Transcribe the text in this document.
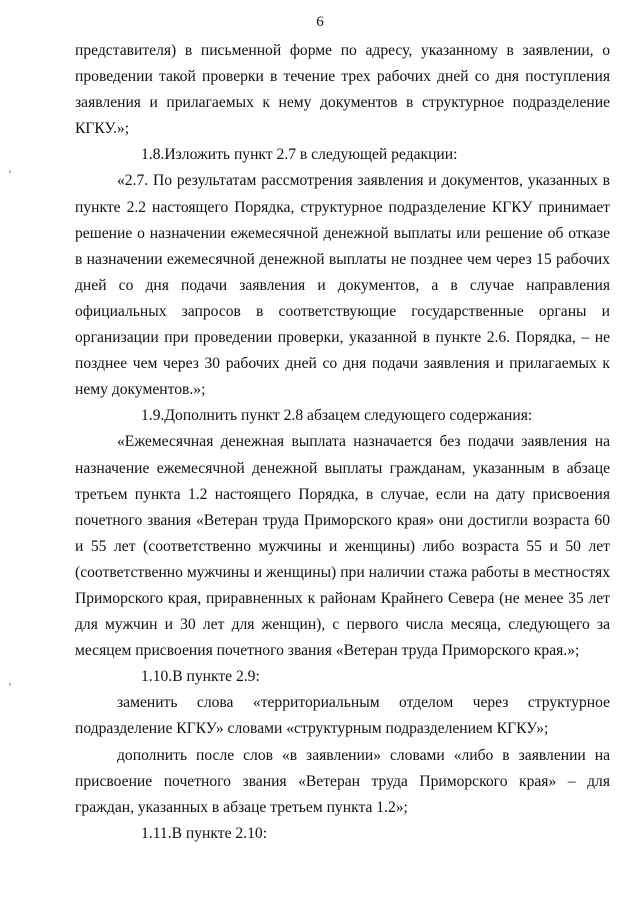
6

представителя) в письменной форме по адресу, указанному в заявлении, о проведении такой проверки в течение трех рабочих дней со дня поступления заявления и прилагаемых к нему документов в структурное подразделение КГКУ.»;

1.8.Изложить пункт 2.7 в следующей редакции:

«2.7. По результатам рассмотрения заявления и документов, указанных в пункте 2.2 настоящего Порядка, структурное подразделение КГКУ принимает решение о назначении ежемесячной денежной выплаты или решение об отказе в назначении ежемесячной денежной выплаты не позднее чем через 15 рабочих дней со дня подачи заявления и документов, а в случае направления официальных запросов в соответствующие государственные органы и организации при проведении проверки, указанной в пункте 2.6. Порядка, – не позднее чем через 30 рабочих дней со дня подачи заявления и прилагаемых к нему документов.»;

1.9.Дополнить пункт 2.8 абзацем следующего содержания:

«Ежемесячная денежная выплата назначается без подачи заявления на назначение ежемесячной денежной выплаты гражданам, указанным в абзаце третьем пункта 1.2 настоящего Порядка, в случае, если на дату присвоения почетного звания «Ветеран труда Приморского края» они достигли возраста 60 и 55 лет (соответственно мужчины и женщины) либо возраста 55 и 50 лет (соответственно мужчины и женщины) при наличии стажа работы в местностях Приморского края, приравненных к районам Крайнего Севера (не менее 35 лет для мужчин и 30 лет для женщин), с первого числа месяца, следующего за месяцем присвоения почетного звания «Ветеран труда Приморского края.»;

1.10.В пункте 2.9:

заменить слова «территориальным отделом через структурное подразделение КГКУ» словами «структурным подразделением КГКУ»;

дополнить после слов «в заявлении» словами «либо в заявлении на присвоение почетного звания «Ветеран труда Приморского края» – для граждан, указанных в абзаце третьем пункта 1.2»;

1.11.В пункте 2.10:
